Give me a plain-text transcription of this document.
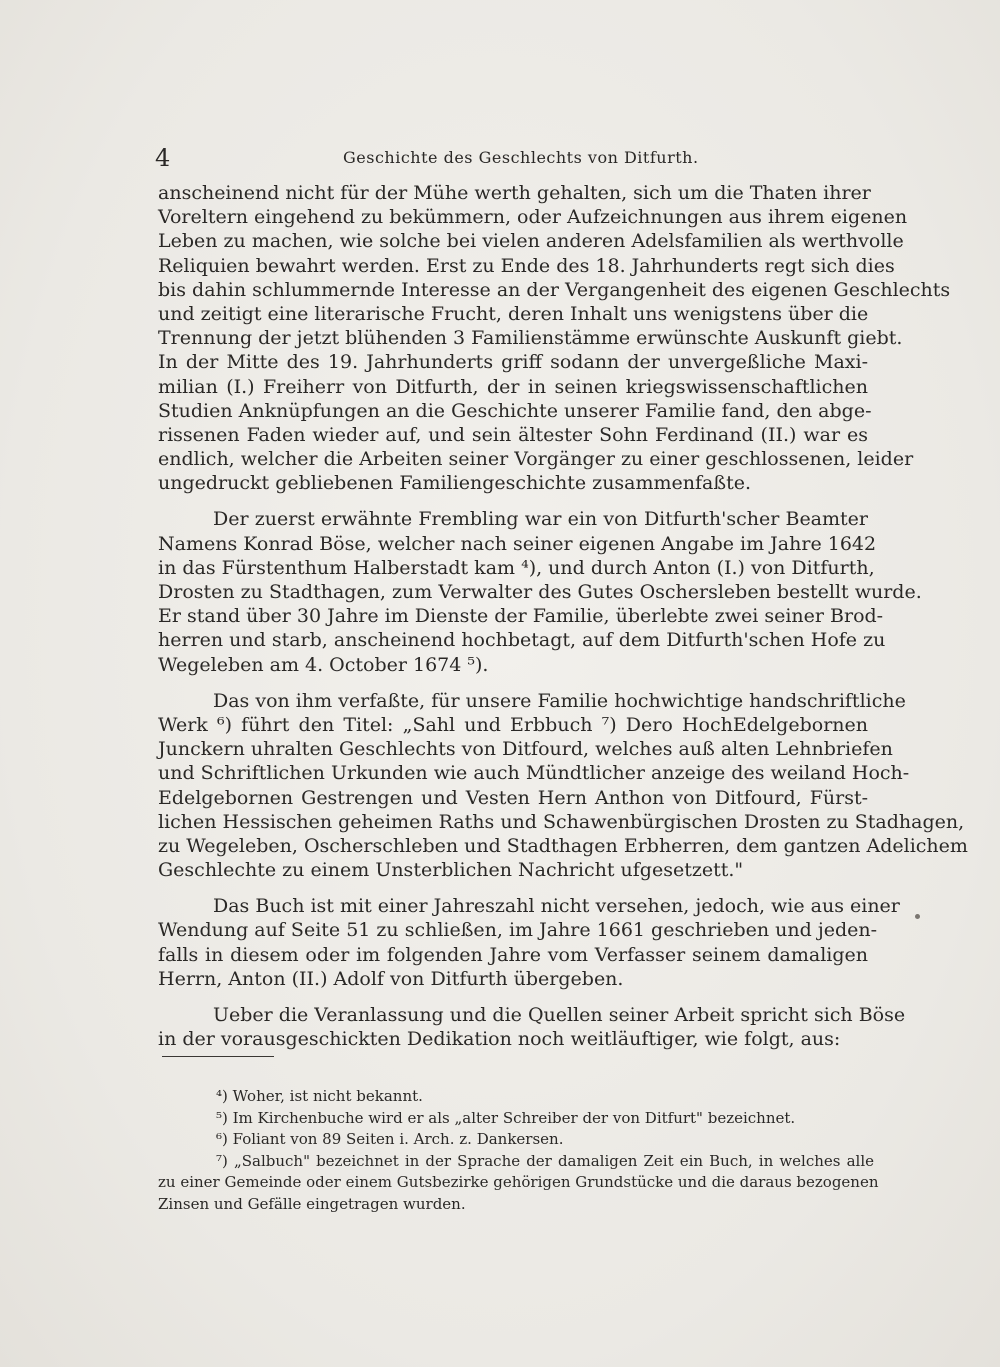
4	Geschichte des Geschlechts von Ditfurth.
anscheinend nicht für der Mühe werth gehalten, sich um die Thaten ihrer
Voreltern eingehend zu bekümmern, oder Aufzeichnungen aus ihrem eigenen
Leben zu machen, wie solche bei vielen anderen Adelsfamilien als werthvolle
Reliquien bewahrt werden. Erst zu Ende des 18. Jahrhunderts regt sich dies
bis dahin schlummernde Interesse an der Vergangenheit des eigenen Geschlechts
und zeitigt eine literarische Frucht, deren Inhalt uns wenigstens über die
Trennung der jetzt blühenden 3 Familienstämme erwünschte Auskunft giebt.
In der Mitte des 19. Jahrhunderts griff sodann der unvergeßliche Maxi-
milian (I.) Freiherr von Ditfurth, der in seinen kriegswissenschaftlichen
Studien Anknüpfungen an die Geschichte unserer Familie fand, den abge-
rissenen Faden wieder auf, und sein ältester Sohn Ferdinand (II.) war es
endlich, welcher die Arbeiten seiner Vorgänger zu einer geschlossenen, leider
ungedruckt gebliebenen Familiengeschichte zusammenfaßte.
Der zuerst erwähnte Frembling war ein von Ditfurth'scher Beamter
Namens Konrad Böse, welcher nach seiner eigenen Angabe im Jahre 1642
in das Fürstenthum Halberstadt kam ⁴), und durch Anton (I.) von Ditfurth,
Drosten zu Stadthagen, zum Verwalter des Gutes Oschersleben bestellt wurde.
Er stand über 30 Jahre im Dienste der Familie, überlebte zwei seiner Brod-
herren und starb, anscheinend hochbetagt, auf dem Ditfurth'schen Hofe zu
Wegeleben am 4. October 1674 ⁵).
Das von ihm verfaßte, für unsere Familie hochwichtige handschriftliche
Werk ⁶) führt den Titel: „Sahl und Erbbuch ⁷) Dero HochEdelgebornen
Junckern uhralten Geschlechts von Ditfourd, welches auß alten Lehnbriefen
und Schriftlichen Urkunden wie auch Mündtlicher anzeige des weiland Hoch-
Edelgebornen Gestrengen und Vesten Hern Anthon von Ditfourd, Fürst-
lichen Hessischen geheimen Raths und Schawenbürgischen Drosten zu Stadhagen,
zu Wegeleben, Oscherschleben und Stadthagen Erbherren, dem gantzen Adelichem
Geschlechte zu einem Unsterblichen Nachricht ufgesetzett."
Das Buch ist mit einer Jahreszahl nicht versehen, jedoch, wie aus einer
Wendung auf Seite 51 zu schließen, im Jahre 1661 geschrieben und jeden-
falls in diesem oder im folgenden Jahre vom Verfasser seinem damaligen
Herrn, Anton (II.) Adolf von Ditfurth übergeben.
Ueber die Veranlassung und die Quellen seiner Arbeit spricht sich Böse
in der vorausgeschickten Dedikation noch weitläuftiger, wie folgt, aus:
⁴) Woher, ist nicht bekannt.
⁵) Im Kirchenbuche wird er als „alter Schreiber der von Ditfurt" bezeichnet.
⁶) Foliant von 89 Seiten i. Arch. z. Dankersen.
⁷) „Salbuch" bezeichnet in der Sprache der damaligen Zeit ein Buch, in welches alle
zu einer Gemeinde oder einem Gutsbezirke gehörigen Grundstücke und die daraus bezogenen
Zinsen und Gefälle eingetragen wurden.
